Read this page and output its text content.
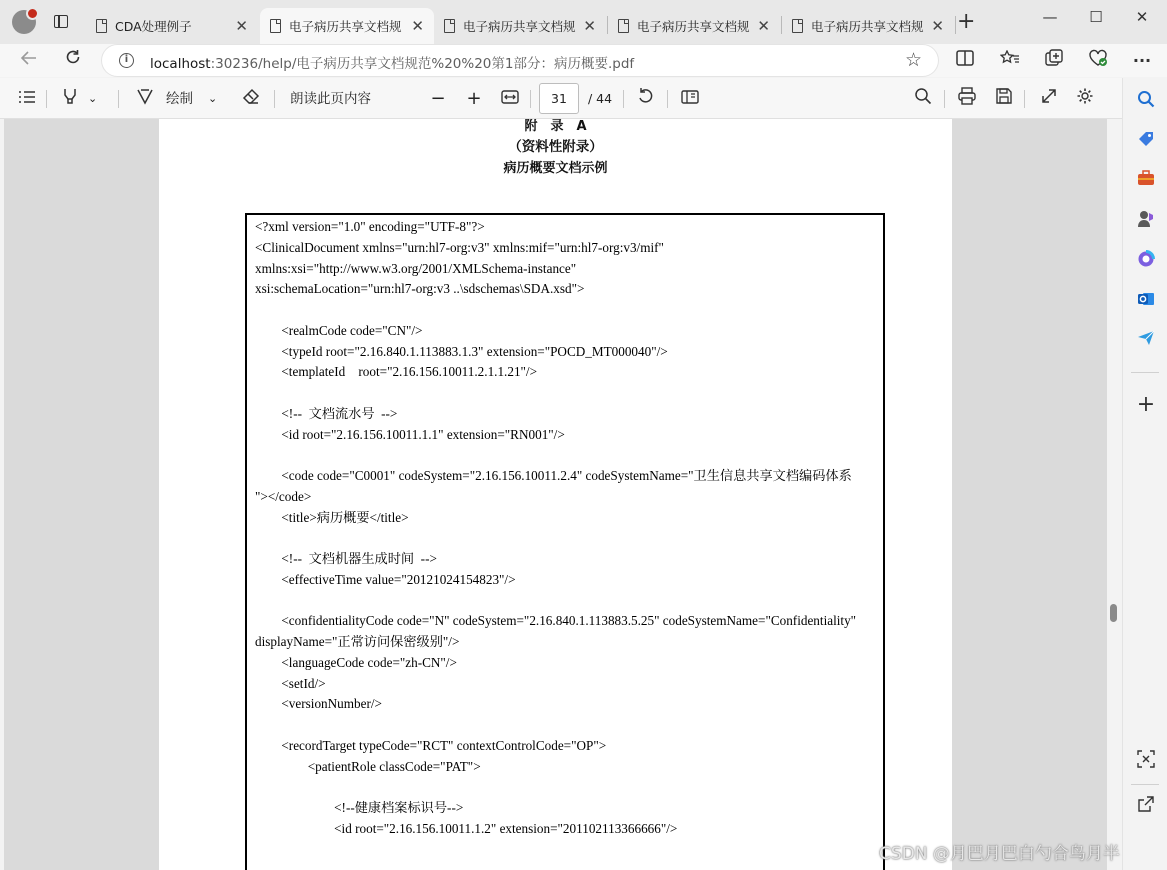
CDA处理例子	✕	电子病历共享文档规 ✕	电子病历共享文档规 ✕	电子病历共享文档规 ✕	电子病历共享文档规 ✕ +	—	☐	✕
i	localhost:30236/help/电子病历共享文档规范%20%20第1部分：病历概要.pdf	☆	···
⌄	绘制 ⌄	朗读此页内容	−	+	31	/ 44
+
附　录　A
（资料性附录）
病历概要文档示例
<?xml version="1.0" encoding="UTF-8"?>
<ClinicalDocument xmlns="urn:hl7-org:v3" xmlns:mif="urn:hl7-org:v3/mif"
xmlns:xsi="http://www.w3.org/2001/XMLSchema-instance"
xsi:schemaLocation="urn:hl7-org:v3 ..\sdschemas\SDA.xsd">
<realmCode code="CN"/>
<typeId root="2.16.840.1.113883.1.3" extension="POCD_MT000040"/>
<templateId    root="2.16.156.10011.2.1.1.21"/>
<!--  文档流水号  -->
<id root="2.16.156.10011.1.1" extension="RN001"/>
<code code="C0001" codeSystem="2.16.156.10011.2.4" codeSystemName="卫生信息共享文档编码体系
"></code>
<title>病历概要</title>
<!--  文档机器生成时间  -->
<effectiveTime value="20121024154823"/>
<confidentialityCode code="N" codeSystem="2.16.840.1.113883.5.25" codeSystemName="Confidentiality"
displayName="正常访问保密级别"/>
<languageCode code="zh-CN"/>
<setId/>
<versionNumber/>
<recordTarget typeCode="RCT" contextControlCode="OP">
<patientRole classCode="PAT">
<!--健康档案标识号-->
<id root="2.16.156.10011.1.2" extension="201102113366666"/>
CSDN @月巴月巴白勺合鸟月半
